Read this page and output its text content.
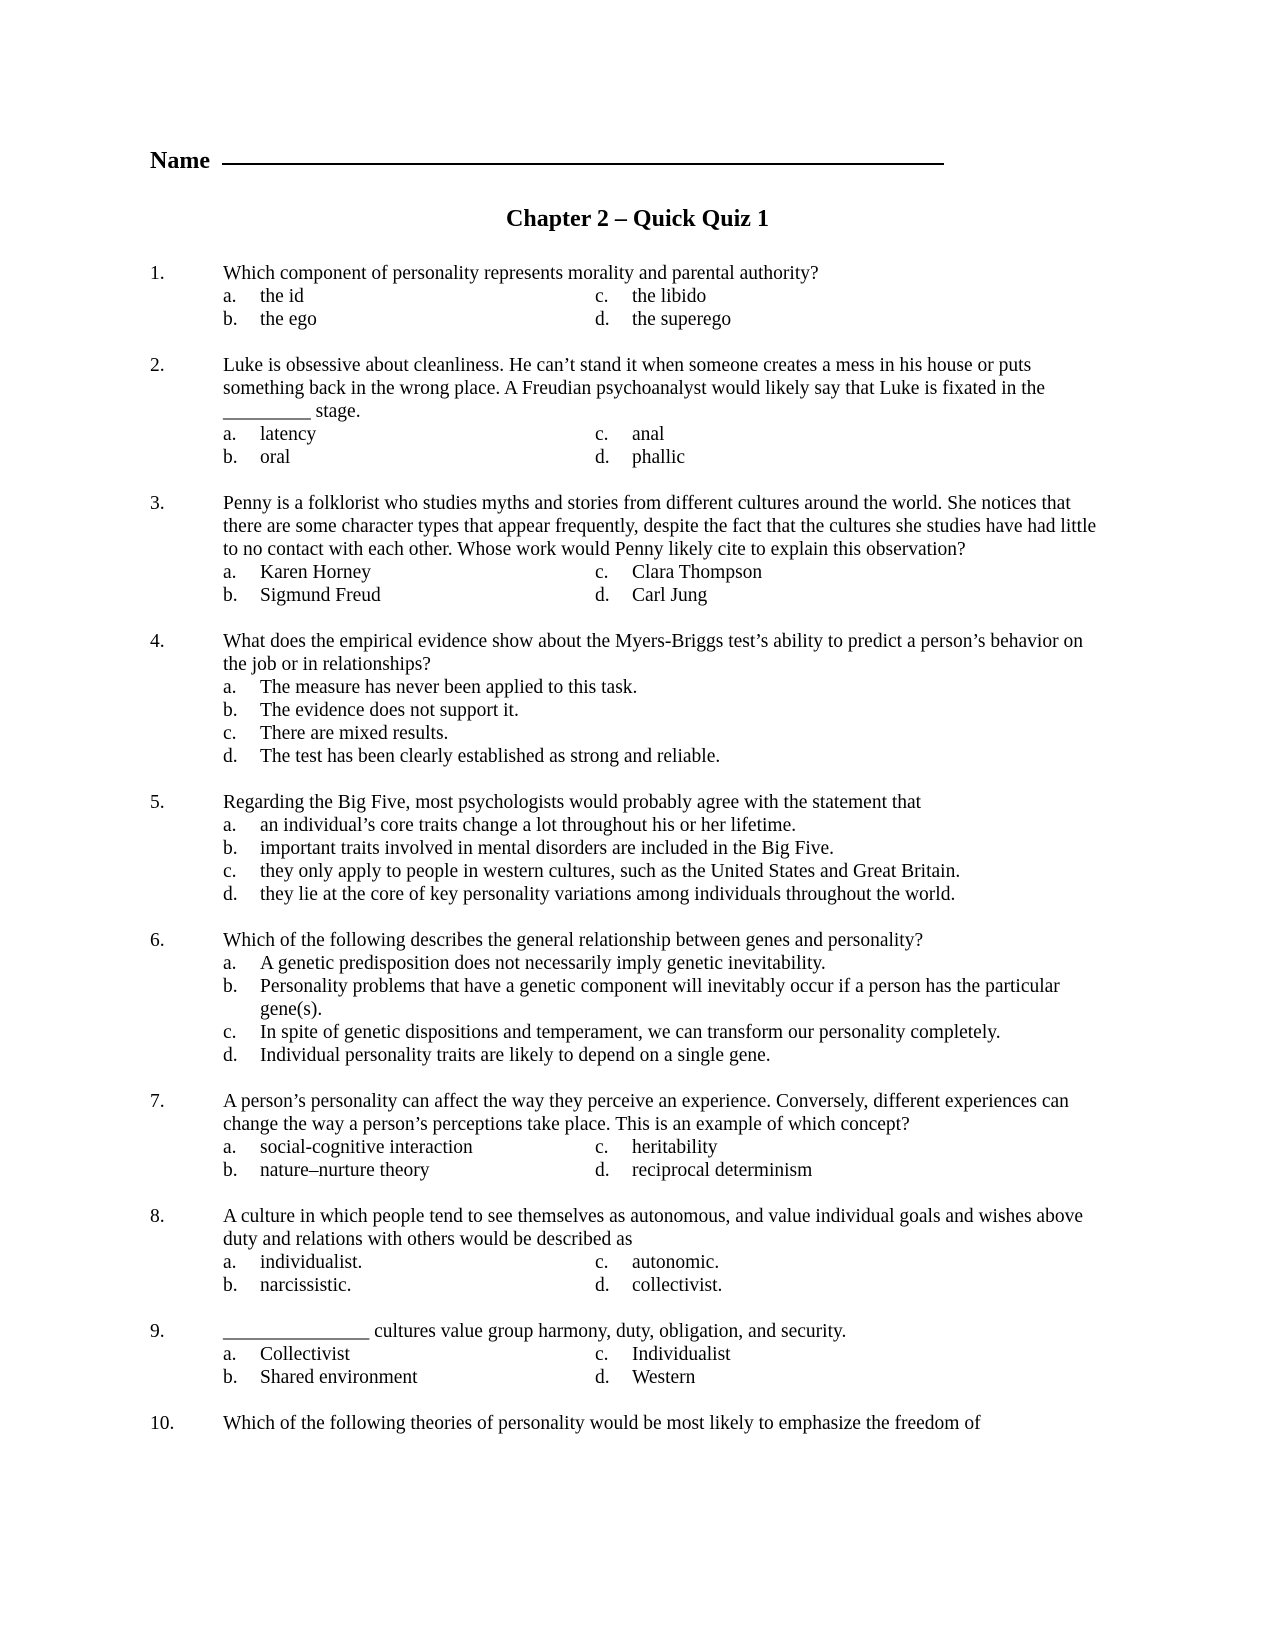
Name
Chapter 2 – Quick Quiz 1
1.	Which component of personality represents morality and parental authority?
a.	the id	c.	the libido
b.	the ego	d.	the superego
2.	Luke is obsessive about cleanliness. He can’t stand it when someone creates a mess in his house or puts something back in the wrong place. A Freudian psychoanalyst would likely say that Luke is fixated in the _________ stage.
a.	latency	c.	anal
b.	oral	d.	phallic
3.	Penny is a folklorist who studies myths and stories from different cultures around the world. She notices that there are some character types that appear frequently, despite the fact that the cultures she studies have had little to no contact with each other. Whose work would Penny likely cite to explain this observation?
a.	Karen Horney	c.	Clara Thompson
b.	Sigmund Freud	d.	Carl Jung
4.	What does the empirical evidence show about the Myers-Briggs test’s ability to predict a person’s behavior on the job or in relationships?
a.	The measure has never been applied to this task.
b.	The evidence does not support it.
c.	There are mixed results.
d.	The test has been clearly established as strong and reliable.
5.	Regarding the Big Five, most psychologists would probably agree with the statement that
a.	an individual’s core traits change a lot throughout his or her lifetime.
b.	important traits involved in mental disorders are included in the Big Five.
c.	they only apply to people in western cultures, such as the United States and Great Britain.
d.	they lie at the core of key personality variations among individuals throughout the world.
6.	Which of the following describes the general relationship between genes and personality?
a.	A genetic predisposition does not necessarily imply genetic inevitability.
b.	Personality problems that have a genetic component will inevitably occur if a person has the particular gene(s).
c.	In spite of genetic dispositions and temperament, we can transform our personality completely.
d.	Individual personality traits are likely to depend on a single gene.
7.	A person’s personality can affect the way they perceive an experience. Conversely, different experiences can change the way a person’s perceptions take place. This is an example of which concept?
a.	social-cognitive interaction	c.	heritability
b.	nature–nurture theory	d.	reciprocal determinism
8.	A culture in which people tend to see themselves as autonomous, and value individual goals and wishes above duty and relations with others would be described as
a.	individualist.	c.	autonomic.
b.	narcissistic.	d.	collectivist.
9.	_______________ cultures value group harmony, duty, obligation, and security.
a.	Collectivist	c.	Individualist
b.	Shared environment	d.	Western
10. Which of the following theories of personality would be most likely to emphasize the freedom of
